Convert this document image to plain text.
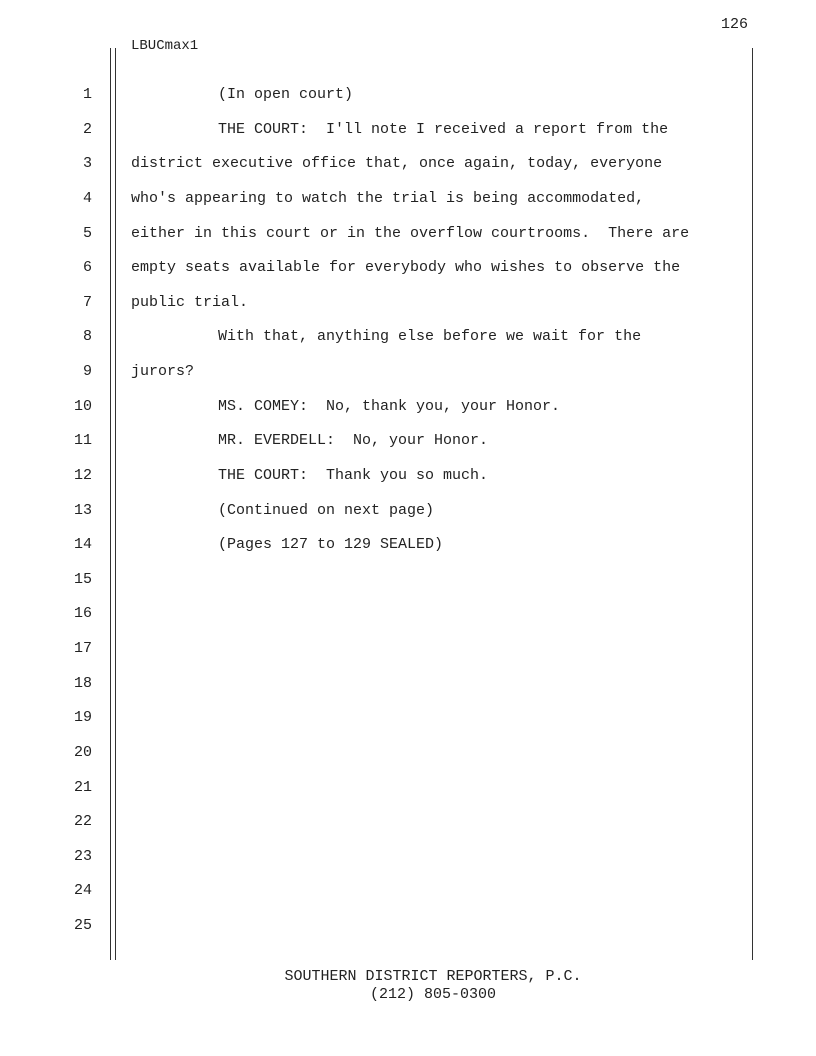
126
LBUCmax1
1	(In open court)
2	THE COURT:  I'll note I received a report from the
3	district executive office that, once again, today, everyone
4	who's appearing to watch the trial is being accommodated,
5	either in this court or in the overflow courtrooms.  There are
6	empty seats available for everybody who wishes to observe the
7	public trial.
8	With that, anything else before we wait for the
9	jurors?
10	MS. COMEY:  No, thank you, your Honor.
11	MR. EVERDELL:  No, your Honor.
12	THE COURT:  Thank you so much.
13	(Continued on next page)
14	(Pages 127 to 129 SEALED)
15
16
17
18
19
20
21
22
23
24
25
SOUTHERN DISTRICT REPORTERS, P.C.
(212) 805-0300
